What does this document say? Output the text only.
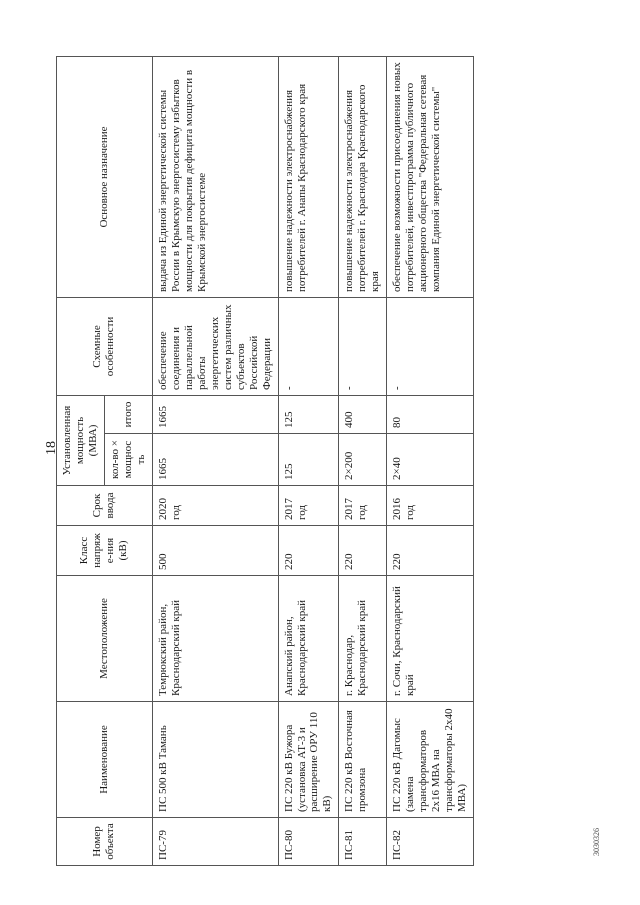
18
Номер объекта	Наименование	Местоположение	Класс напряже-ния (кВ)	Срок ввода	Установленная мощность (МВА)		Схемные особенности	Основное назначение
					кол-во × мощность	итого		
ПС-79	ПС 500 кВ Тамань	Темрюкский район, Краснодарский край	500	2020 год	1665	1665	обеспечение соединения и параллельной работы энергетических систем различных субъектов Российской Федерации	выдача из Единой энергетической системы России в Крымскую энергосистему избытков мощности для покрытия дефицита мощности в Крымской энергосистеме
ПС-80	ПС 220 кВ Бужора (установка АТ-3 и расширение ОРУ 110 кВ)	Анапский район, Краснодарский край	220	2017 год	125	125	-	повышение надежности электроснабжения потребителей г. Анапы Краснодарского края
ПС-81	ПС 220 кВ Восточная промзона	г. Краснодар, Краснодарский край	220	2017 год	2×200	400	-	повышение надежности электроснабжения потребителей г. Краснодара Краснодарского края
ПС-82	ПС 220 кВ Дагомыс (замена трансформаторов 2х16 МВА на трансформаторы 2х40 МВА)	г. Сочи, Краснодарский край	220	2016 год	2×40	80	-	обеспечение возможности присоединения новых потребителей, инвестпрограмма публичного акционерного общества "Федеральная сетевая компания Единой энергетической системы"
3030326
